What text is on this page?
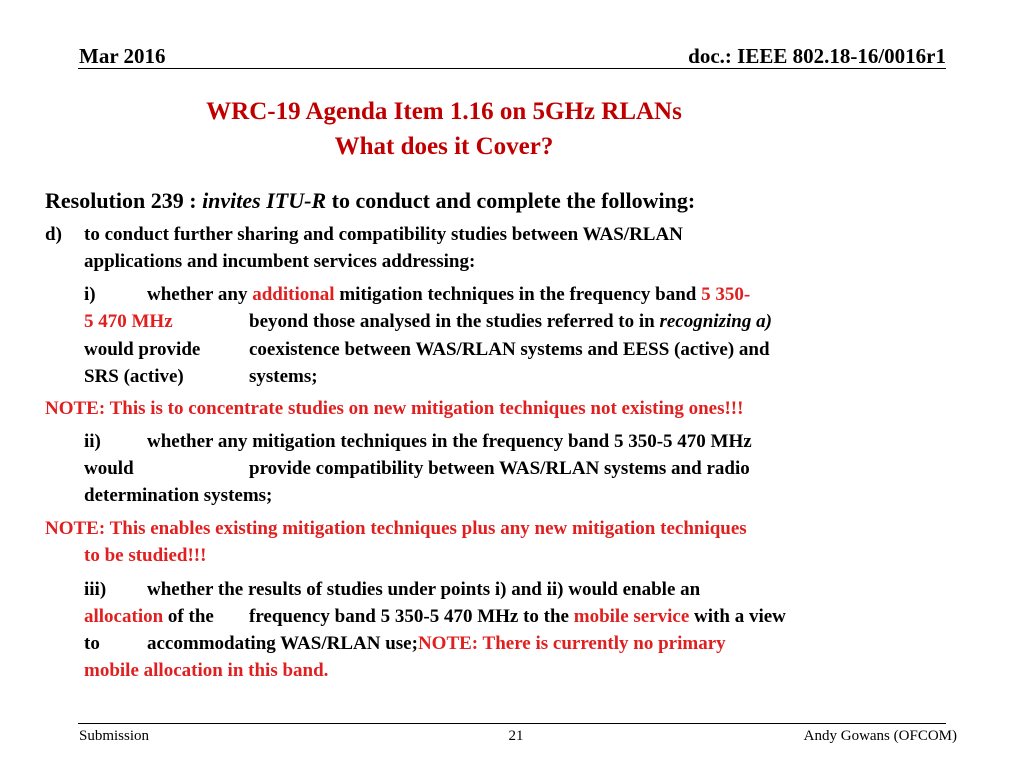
Mar 2016	doc.: IEEE 802.18-16/0016r1
WRC-19 Agenda Item 1.16 on 5GHz RLANs
What does it Cover?
Resolution 239 : invites ITU-R to conduct and complete the following:
d) to conduct further sharing and compatibility studies between WAS/RLAN
applications and incumbent services addressing:
i)	whether any additional mitigation techniques in the frequency band 5 350-
5 470 MHz	beyond those analysed in the studies referred to in recognizing a)
would provide	coexistence between WAS/RLAN systems and EESS (active) and
SRS (active)	systems;
NOTE: This is to concentrate studies on new mitigation techniques not existing ones!!!
ii) whether any mitigation techniques in the frequency band 5 350-5 470 MHz
would	provide compatibility between WAS/RLAN systems and radio
determination systems;
NOTE: This enables existing mitigation techniques plus any new mitigation techniques
to be studied!!!
iii) whether the results of studies under points i) and ii) would enable an
allocation of the frequency band 5 350-5 470 MHz to the mobile service with a view
to accommodating WAS/RLAN use;NOTE: There is currently no primary
mobile allocation in this band.
Submission	21	Andy Gowans (OFCOM)
